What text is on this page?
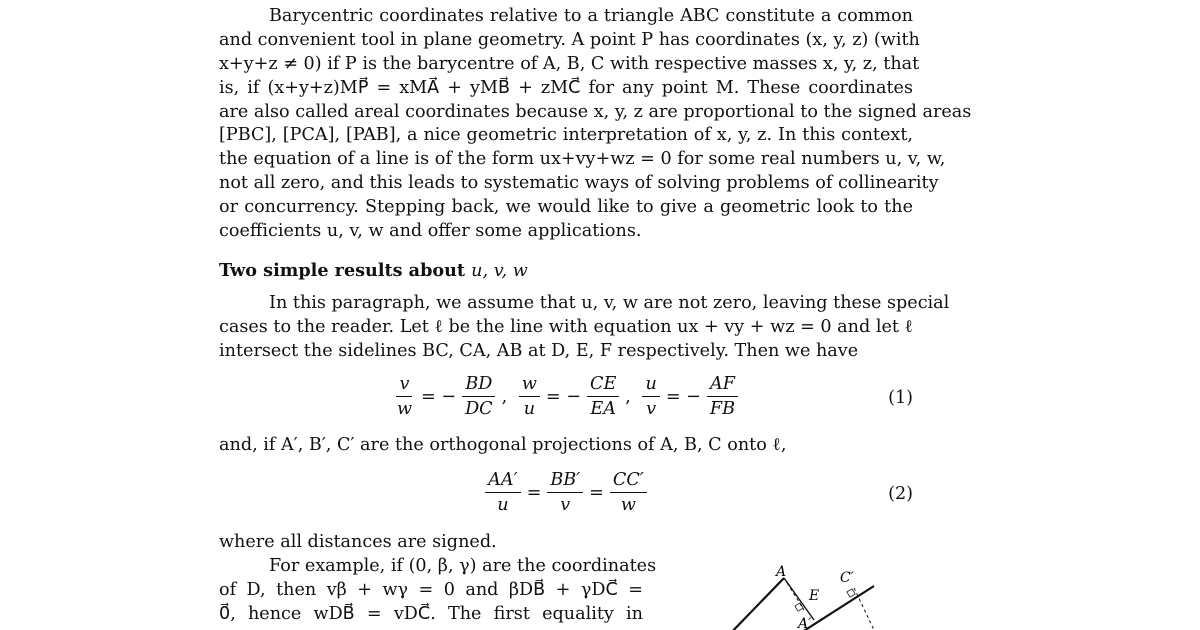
Barycentric coordinates relative to a triangle ABC constitute a common
and convenient tool in plane geometry. A point P has coordinates (x, y, z) (with
x+y+z ≠ 0) if P is the barycentre of A, B, C with respective masses x, y, z, that
is, if (x+y+z)MP⃗ = xMA⃗ + yMB⃗ + zMC⃗ for any point M. These coordinates
are also called areal coordinates because x, y, z are proportional to the signed areas
[PBC], [PCA], [PAB], a nice geometric interpretation of x, y, z. In this context,
the equation of a line is of the form ux+vy+wz = 0 for some real numbers u, v, w,
not all zero, and this leads to systematic ways of solving problems of collinearity
or concurrency. Stepping back, we would like to give a geometric look to the
coefficients u, v, w and offer some applications.
Two simple results about u, v, w
In this paragraph, we assume that u, v, w are not zero, leaving these special
cases to the reader. Let ℓ be the line with equation ux + vy + wz = 0 and let ℓ
intersect the sidelines BC, CA, AB at D, E, F respectively. Then we have
$\frac{v}{w}$ = − $\frac{BD}{DC}$ , $\frac{w}{u}$ = − $\frac{CE}{EA}$ , $\frac{u}{v}$ = − $\frac{AF}{FB}$	(1)
and, if A′, B′, C′ are the orthogonal projections of A, B, C onto ℓ,
$\frac{AA'}{u} = \frac{BB'}{v} = \frac{CC'}{w}$	(2)
where all distances are signed.
For example, if (0, β, γ) are the coordinates
of D, then vβ + wγ = 0 and βDB⃗ + γDC⃗ =
0⃗, hence wDB⃗ = vDC⃗. The first equality in
A	C′
E
A′
